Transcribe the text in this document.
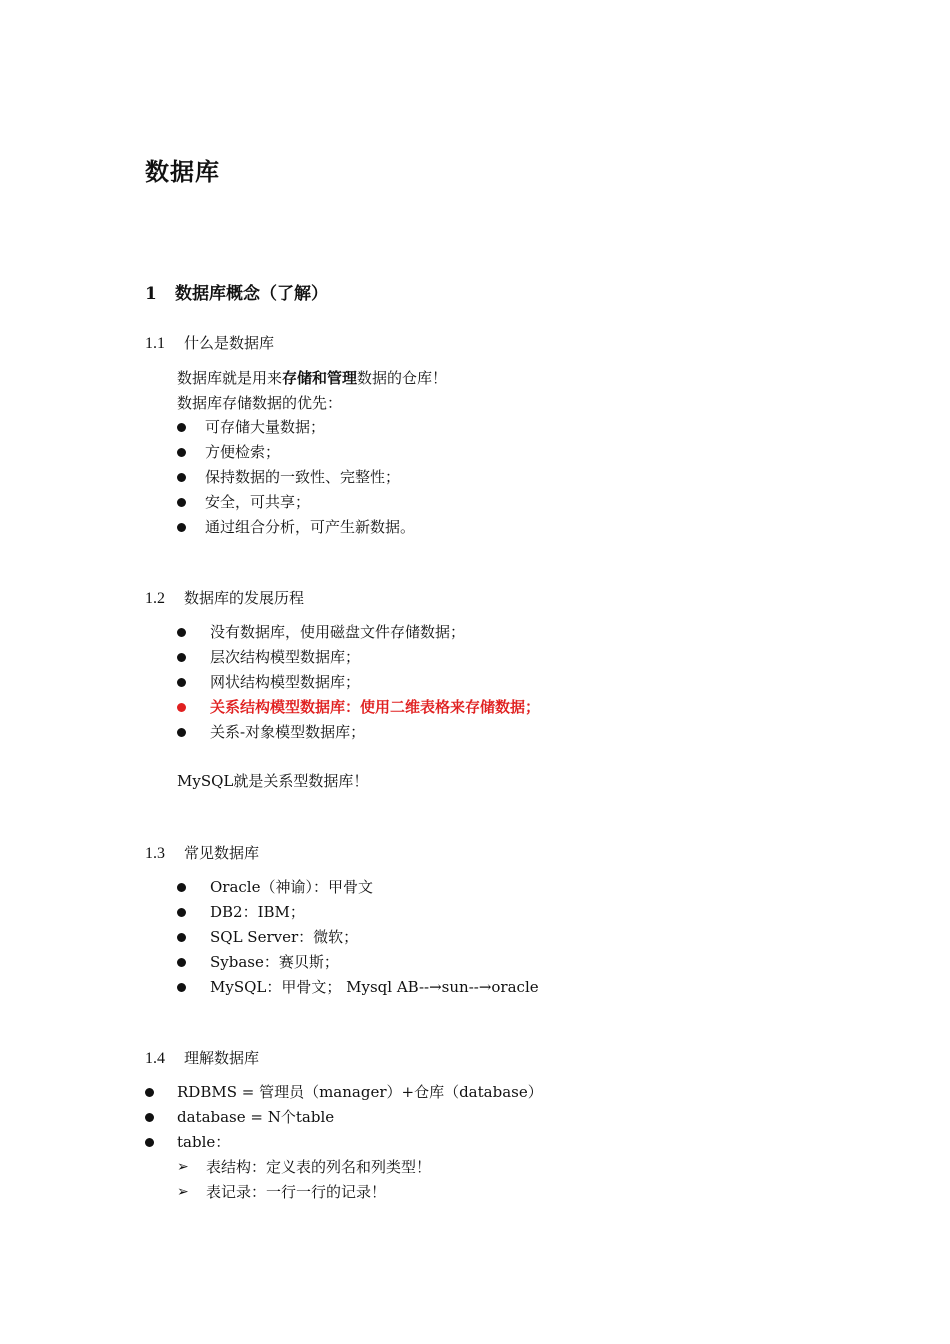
数据库
1 数据库概念（了解）
1.1 什么是数据库
数据库就是用来存储和管理数据的仓库！
数据库存储数据的优先：
可存储大量数据；
方便检索；
保持数据的一致性、完整性；
安全，可共享；
通过组合分析，可产生新数据。
1.2 数据库的发展历程
没有数据库，使用磁盘文件存储数据；
层次结构模型数据库；
网状结构模型数据库；
关系结构模型数据库：使用二维表格来存储数据；
关系-对象模型数据库；
MySQL就是关系型数据库！
1.3 常见数据库
Oracle（神谕）：甲骨文
DB2：IBM；
SQL Server：微软；
Sybase：赛贝斯；
MySQL：甲骨文； Mysql AB--→sun--→oracle
1.4 理解数据库
RDBMS = 管理员（manager）+仓库（database）
database = N个table
table：
➢ 表结构：定义表的列名和列类型！
➢ 表记录：一行一行的记录！
